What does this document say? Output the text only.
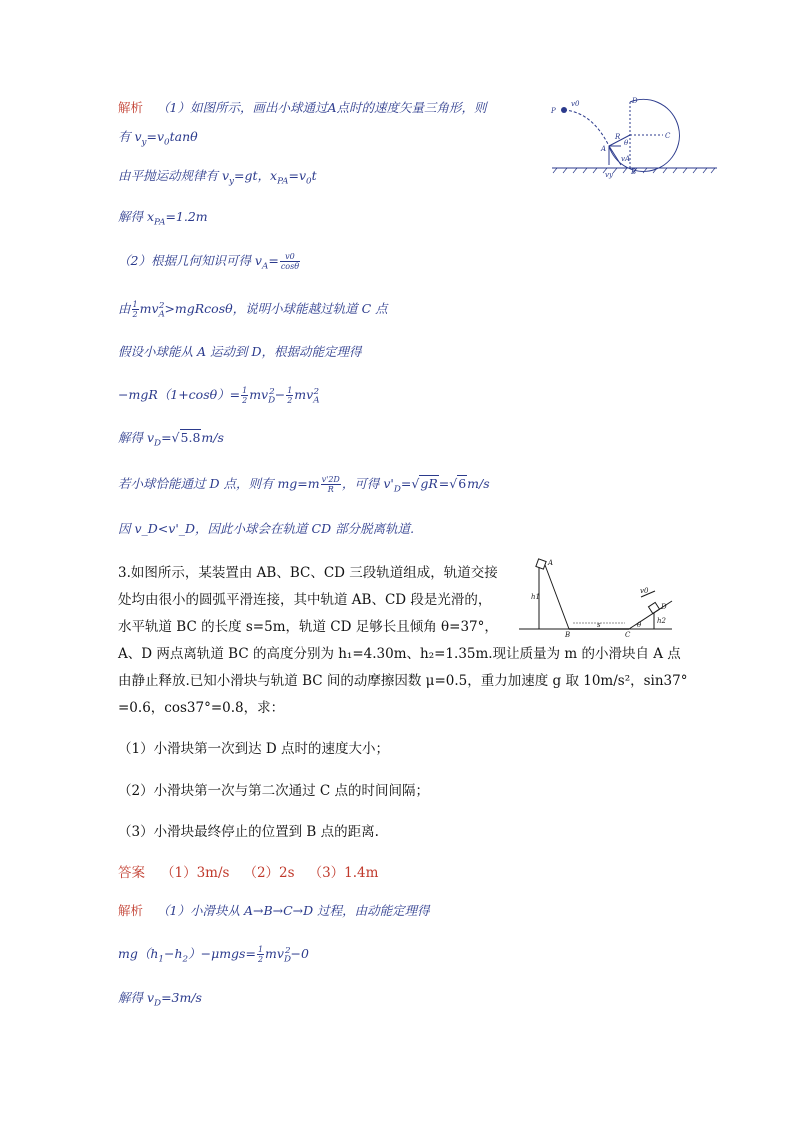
解析 （1）如图所示，画出小球通过A点时的速度矢量三角形，则
有 $v_y=v_0\tan\theta$
由平抛运动规律有 $v_y=gt$，$x_{PA}=v_0t$
解得 $x_{PA}=1.2m$
（2）根据几何知识可得 $v_A= \frac{v0}{\cos\theta}$
由 $\frac{1}{2} mv_A^2>mgRcos\theta$，说明小球能越过轨道 C 点
假设小球能从 A 运动到 D，根据动能定理得
$-mgR(1+\cos\theta)= \frac{1}{2} mv_D^2- \frac{1}{2} mv_A^2$
解得 $v_D=√5.8m/s$
若小球恰能通过 D 点，则有 $mg=m \frac{v'2D}{R}$ ，可得 $v'_D=√gR=√6m/s$
因 v_D<v'_D，因此小球会在轨道 CD 部分脱离轨道.
P
v0	D
C
R
A
B
θ
vy
vA
3.如图所示，某装置由 AB、BC、CD 三段轨道组成，轨道交接
处均由很小的圆弧平滑连接，其中轨道 AB、CD 段是光滑的，
水平轨道 BC 的长度 s=5m，轨道 CD 足够长且倾角 θ=37°，
A、D 两点离轨道 BC 的高度分别为 h₁=4.30m、h₂=1.35m.现让质量为 m 的小滑块自 A 点
由静止释放.已知小滑块与轨道 BC 间的动摩擦因数 μ=0.5，重力加速度 g 取 10m/s²，sin37°
=0.6，cos37°=0.8，求：
（1）小滑块第一次到达 D 点时的速度大小；
（2）小滑块第一次与第二次通过 C 点的时间间隔；
（3）小滑块最终停止的位置到 B 点的距离.
A
h1
B
s
C
θ
D
h2
v0
答案 （1）3m/s （2）2s （3）1.4m
解析 （1）小滑块从 A→B→C→D 过程，由动能定理得
$mg(h_1-h_2)-\mu mgs= \frac{1}{2} mv_D^2-0$
解得 $v_D=3m/s$
